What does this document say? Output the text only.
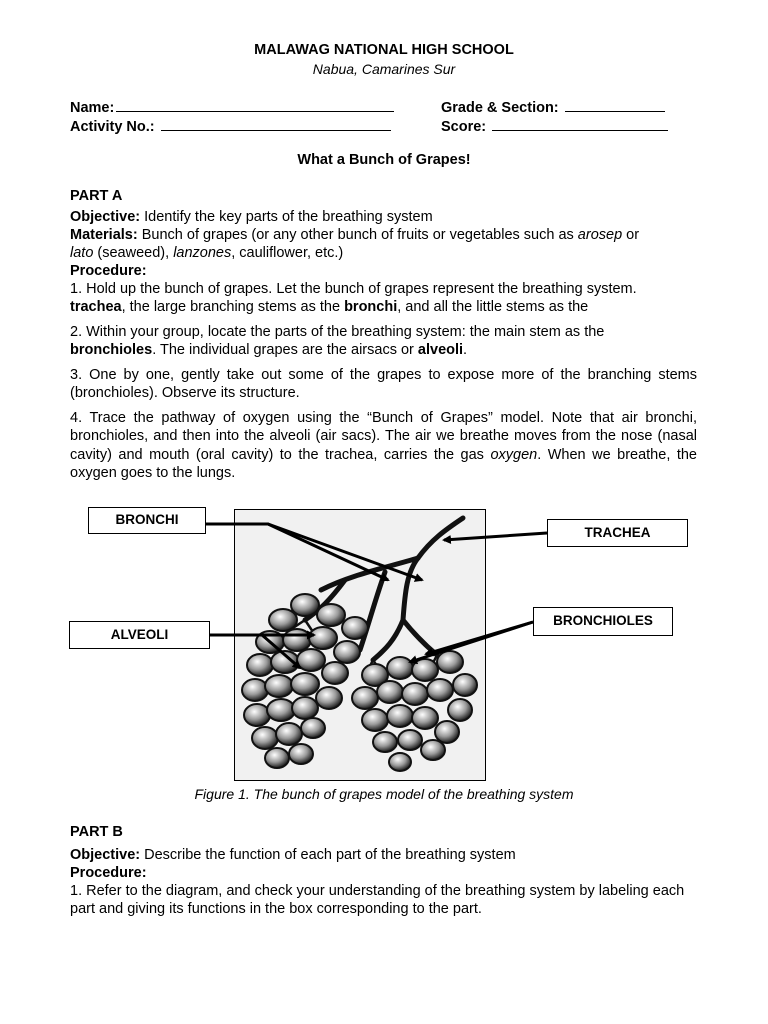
MALAWAG NATIONAL HIGH SCHOOL
Nabua, Camarines Sur
Name:	Grade & Section:
Activity No.:	Score:
What a Bunch of Grapes!
PART A
Objective: Identify the key parts of the breathing system
Materials: Bunch of grapes (or any other bunch of fruits or vegetables such as arosep or
lato (seaweed), lanzones, cauliflower, etc.)
Procedure:
1. Hold up the bunch of grapes. Let the bunch of grapes represent the breathing system.
trachea, the large branching stems as the bronchi, and all the little stems as the
2. Within your group, locate the parts of the breathing system: the main stem as the
bronchioles. The individual grapes are the airsacs or alveoli.
3. One by one, gently take out some of the grapes to expose more of the branching stems (bronchioles). Observe its structure.
4. Trace the pathway of oxygen using the “Bunch of Grapes” model. Note that air bronchi, bronchioles, and then into the alveoli (air sacs). The air we breathe moves from the nose (nasal cavity) and mouth (oral cavity) to the trachea, carries the gas oxygen. When we breathe, the oxygen goes to the lungs.
BRONCHI
TRACHEA
ALVEOLI
BRONCHIOLES
Figure 1. The bunch of grapes model of the breathing system
PART B
Objective: Describe the function of each part of the breathing system
Procedure:
1. Refer to the diagram, and check your understanding of the breathing system by labeling each part and giving its functions in the box corresponding to the part.
